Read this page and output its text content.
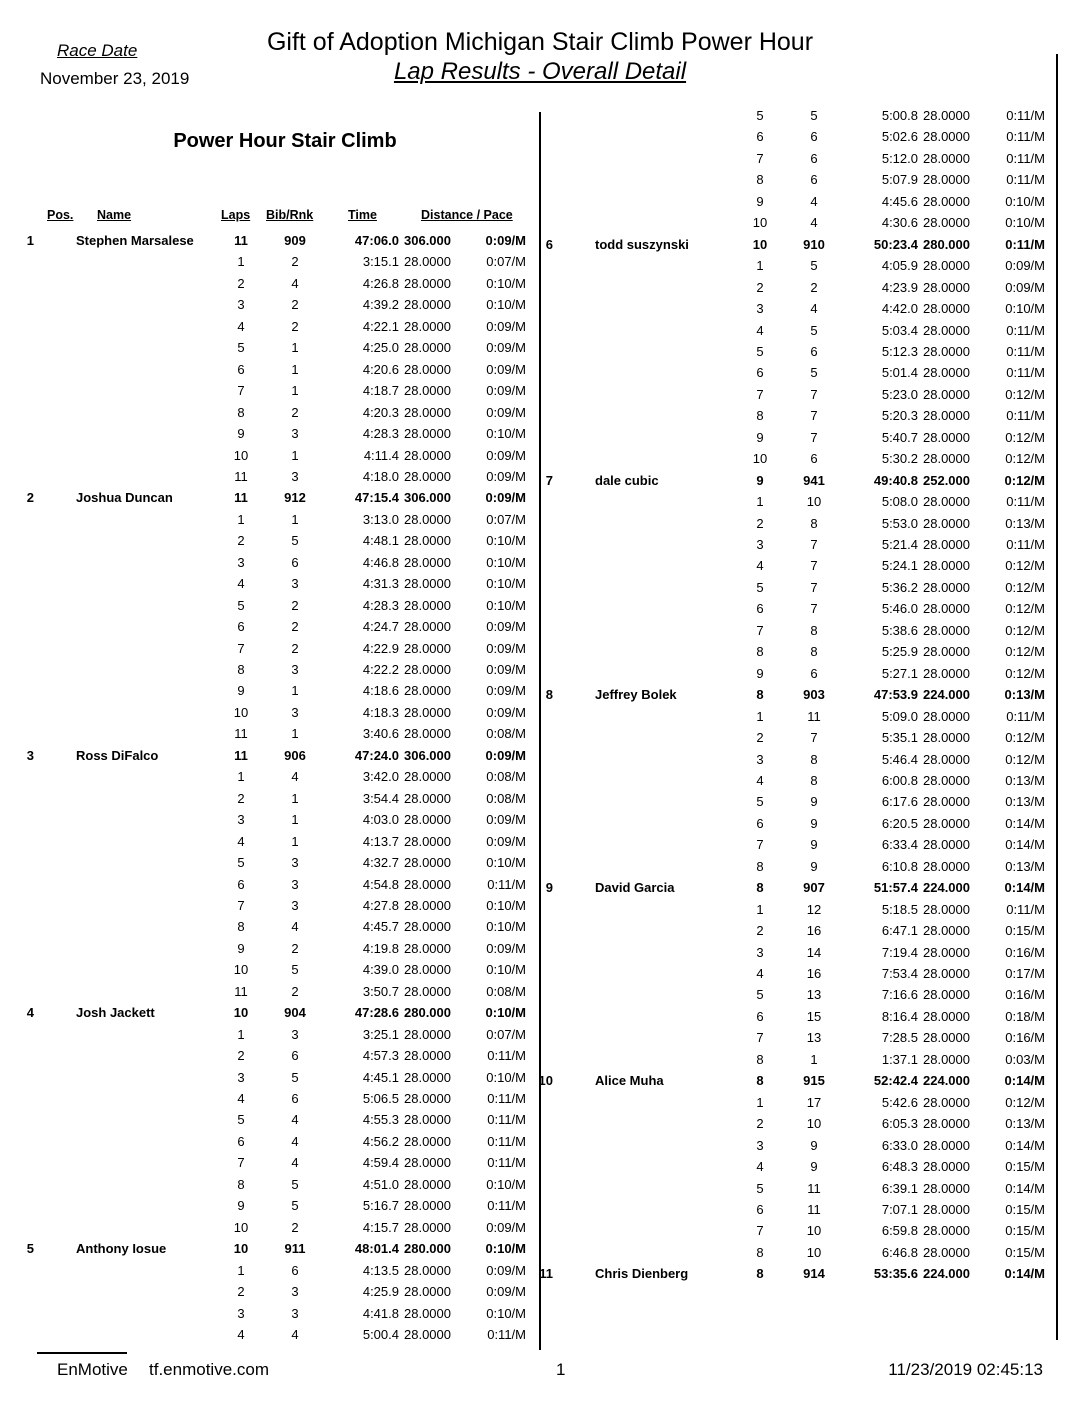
Race Date
November 23, 2019
Gift of Adoption Michigan Stair Climb Power Hour
Lap Results - Overall Detail
Power Hour Stair Climb
Pos. Name	Laps Bib/Rnk	Time	Distance / Pace
1	Stephen Marsalese	11	909	47:06.0 306.000	0:09/M
1	2	3:15.1 28.0000	0:07/M
2	4	4:26.8 28.0000	0:10/M
3	2	4:39.2 28.0000	0:10/M
4	2	4:22.1 28.0000	0:09/M
5	1	4:25.0 28.0000	0:09/M
6	1	4:20.6 28.0000	0:09/M
7	1	4:18.7 28.0000	0:09/M
8	2	4:20.3 28.0000	0:09/M
9	3	4:28.3 28.0000	0:10/M
10	1	4:11.4 28.0000	0:09/M
11	3	4:18.0 28.0000	0:09/M
2	Joshua Duncan	11	912	47:15.4 306.000	0:09/M
1	1	3:13.0 28.0000	0:07/M
2	5	4:48.1 28.0000	0:10/M
3	6	4:46.8 28.0000	0:10/M
4	3	4:31.3 28.0000	0:10/M
5	2	4:28.3 28.0000	0:10/M
6	2	4:24.7 28.0000	0:09/M
7	2	4:22.9 28.0000	0:09/M
8	3	4:22.2 28.0000	0:09/M
9	1	4:18.6 28.0000	0:09/M
10	3	4:18.3 28.0000	0:09/M
11	1	3:40.6 28.0000	0:08/M
3	Ross DiFalco	11	906	47:24.0 306.000	0:09/M
1	4	3:42.0 28.0000	0:08/M
2	1	3:54.4 28.0000	0:08/M
3	1	4:03.0 28.0000	0:09/M
4	1	4:13.7 28.0000	0:09/M
5	3	4:32.7 28.0000	0:10/M
6	3	4:54.8 28.0000	0:11/M
7	3	4:27.8 28.0000	0:10/M
8	4	4:45.7 28.0000	0:10/M
9	2	4:19.8 28.0000	0:09/M
10	5	4:39.0 28.0000	0:10/M
11	2	3:50.7 28.0000	0:08/M
4	Josh Jackett	10	904	47:28.6 280.000	0:10/M
1	3	3:25.1 28.0000	0:07/M
2	6	4:57.3 28.0000	0:11/M
3	5	4:45.1 28.0000	0:10/M
4	6	5:06.5 28.0000	0:11/M
5	4	4:55.3 28.0000	0:11/M
6	4	4:56.2 28.0000	0:11/M
7	4	4:59.4 28.0000	0:11/M
8	5	4:51.0 28.0000	0:10/M
9	5	5:16.7 28.0000	0:11/M
10	2	4:15.7 28.0000	0:09/M
5	Anthony Iosue	10	911	48:01.4 280.000	0:10/M
1	6	4:13.5 28.0000	0:09/M
2	3	4:25.9 28.0000	0:09/M
3	3	4:41.8 28.0000	0:10/M
4	4	5:00.4 28.0000	0:11/M
5	5	5:00.8 28.0000	0:11/M
6	6	5:02.6 28.0000	0:11/M
7	6	5:12.0 28.0000	0:11/M
8	6	5:07.9 28.0000	0:11/M
9	4	4:45.6 28.0000	0:10/M
10	4	4:30.6 28.0000	0:10/M
6	todd suszynski	10	910	50:23.4 280.000	0:11/M
1	5	4:05.9 28.0000	0:09/M
2	2	4:23.9 28.0000	0:09/M
3	4	4:42.0 28.0000	0:10/M
4	5	5:03.4 28.0000	0:11/M
5	6	5:12.3 28.0000	0:11/M
6	5	5:01.4 28.0000	0:11/M
7	7	5:23.0 28.0000	0:12/M
8	7	5:20.3 28.0000	0:11/M
9	7	5:40.7 28.0000	0:12/M
10	6	5:30.2 28.0000	0:12/M
7	dale cubic	9	941	49:40.8 252.000	0:12/M
1	10	5:08.0 28.0000	0:11/M
2	8	5:53.0 28.0000	0:13/M
3	7	5:21.4 28.0000	0:11/M
4	7	5:24.1 28.0000	0:12/M
5	7	5:36.2 28.0000	0:12/M
6	7	5:46.0 28.0000	0:12/M
7	8	5:38.6 28.0000	0:12/M
8	8	5:25.9 28.0000	0:12/M
9	6	5:27.1 28.0000	0:12/M
8	Jeffrey Bolek	8	903	47:53.9 224.000	0:13/M
1	11	5:09.0 28.0000	0:11/M
2	7	5:35.1 28.0000	0:12/M
3	8	5:46.4 28.0000	0:12/M
4	8	6:00.8 28.0000	0:13/M
5	9	6:17.6 28.0000	0:13/M
6	9	6:20.5 28.0000	0:14/M
7	9	6:33.4 28.0000	0:14/M
8	9	6:10.8 28.0000	0:13/M
9	David Garcia	8	907	51:57.4 224.000	0:14/M
1	12	5:18.5 28.0000	0:11/M
2	16	6:47.1 28.0000	0:15/M
3	14	7:19.4 28.0000	0:16/M
4	16	7:53.4 28.0000	0:17/M
5	13	7:16.6 28.0000	0:16/M
6	15	8:16.4 28.0000	0:18/M
7	13	7:28.5 28.0000	0:16/M
8	1	1:37.1 28.0000	0:03/M
10	Alice Muha	8	915	52:42.4 224.000	0:14/M
1	17	5:42.6 28.0000	0:12/M
2	10	6:05.3 28.0000	0:13/M
3	9	6:33.0 28.0000	0:14/M
4	9	6:48.3 28.0000	0:15/M
5	11	6:39.1 28.0000	0:14/M
6	11	7:07.1 28.0000	0:15/M
7	10	6:59.8 28.0000	0:15/M
8	10	6:46.8 28.0000	0:15/M
11	Chris Dienberg	8	914	53:35.6 224.000	0:14/M
EnMotive tf.enmotive.com	1	11/23/2019 02:45:13
